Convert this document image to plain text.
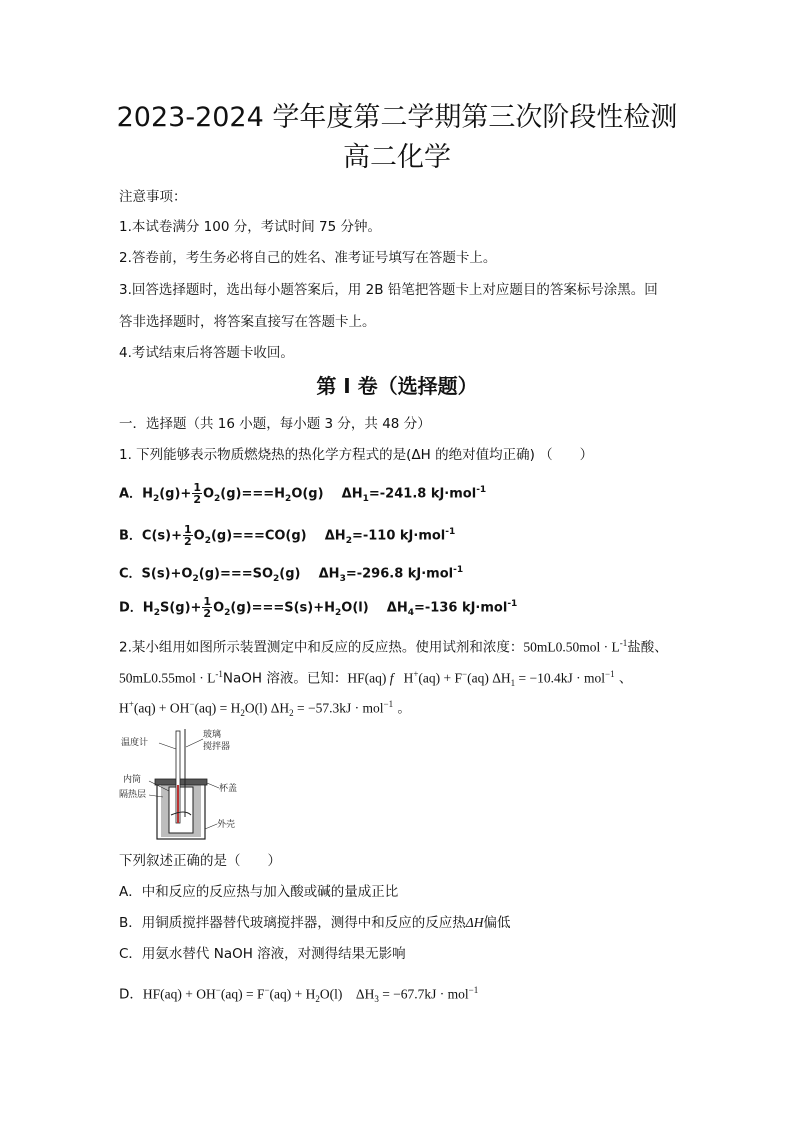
2023-2024 学年度第二学期第三次阶段性检测
高二化学
注意事项：
1.本试卷满分 100 分，考试时间 75 分钟。
2.答卷前，考生务必将自己的姓名、准考证号填写在答题卡上。
3.回答选择题时，选出每小题答案后，用 2B 铅笔把答题卡上对应题目的答案标号涂黑。回
答非选择题时，将答案直接写在答题卡上。
4.考试结束后将答题卡收回。
第 I 卷（选择题）
一．选择题（共 16 小题，每小题 3 分，共 48 分）
1. 下列能够表示物质燃烧热的热化学方程式的是(ΔH 的绝对值均正确) （　　）
A．$H_2(g)+ \frac{1}{2} O_2(g)===H_2O(g)$ $\Delta H_1=-241.8$ kJ·mol$^{-1}$
B．$C(s)+ \frac{1}{2} O_2(g)===CO(g)$ $\Delta H_2=-110$ kJ·mol$^{-1}$
C．$S(s)+O_2(g)===SO_2(g)$ $\Delta H_3=-296.8$ kJ·mol$^{-1}$
D．$H_2S(g)+ \frac{1}{2} O_2(g)===S(s)+H_2O(l)$ $\Delta H_4=-136$ kJ·mol$^{-1}$
2.某小组用如图所示装置测定中和反应的反应热。使用试剂和浓度：$50mL0.50mol \cdot L^{-1}$盐酸、
$50mL0.55mol \cdot L^{-1}NaOH$ 溶液。已知：HF(aq) f H+(aq) + F−(aq) $\Delta H_1 = -10.4kJ \cdot mol^{-1}$ 、
$H^+(aq) + OH^-(aq) = H_2O(l) \Delta H_2 = -57.3kJ \cdot mol^{-1}$ 。
温度计
玻璃
搅拌器
内筒
隔热层
杯盖
外壳
下列叙述正确的是（　　）
A．中和反应的反应热与加入酸或碱的量成正比
B．用铜质搅拌器替代玻璃搅拌器，测得中和反应的反应热ΔH偏低
C．用氨水替代 NaOH 溶液，对测得结果无影响
D．$HF(aq) + OH^-(aq) = F^-(aq) + H_2O(l)$　$\Delta H_3 = -67.7kJ \cdot mol^{-1}$
